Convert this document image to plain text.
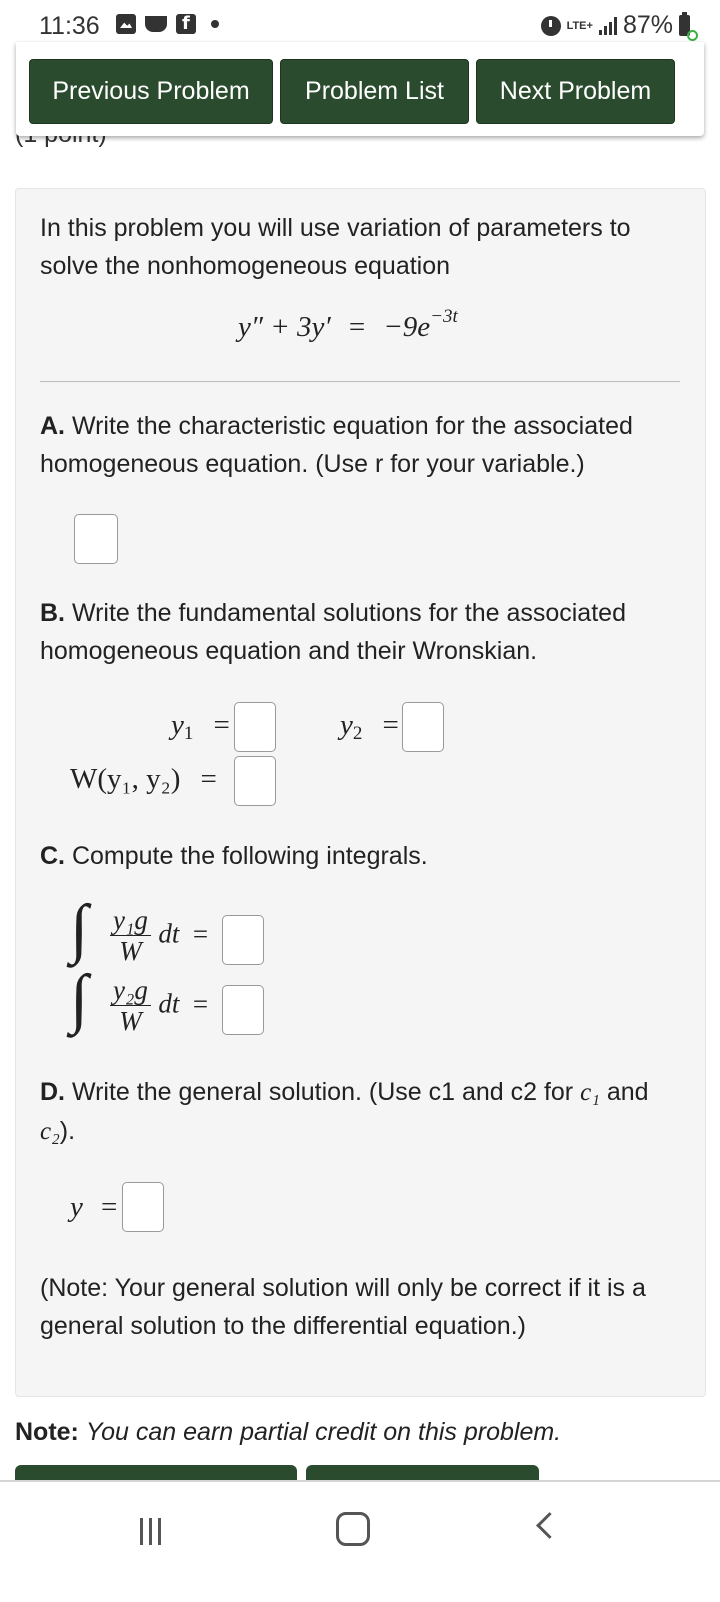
11:36
f	LTE+ 87%
Previous Problem	Problem List	Next Problem
In this problem you will use variation of parameters to solve the nonhomogeneous equation
$y'' + 3y' = -9e^{-3t}$
A. Write the characteristic equation for the associated homogeneous equation. (Use r for your variable.)
B. Write the fundamental solutions for the associated homogeneous equation and their Wronskian.
$y_1$ =	$y_2$ =
W(y₁, y₂) =
C. Compute the following integrals.
∫ $\frac{\text{y₁g}}{W}$ dt =
∫ $\frac{\text{y₂g}}{W}$ dt =
D. Write the general solution. (Use c1 and c2 for c₁ and c₂).
y =
(Note: Your general solution will only be correct if it is a general solution to the differential equation.)
Note: You can earn partial credit on this problem.
